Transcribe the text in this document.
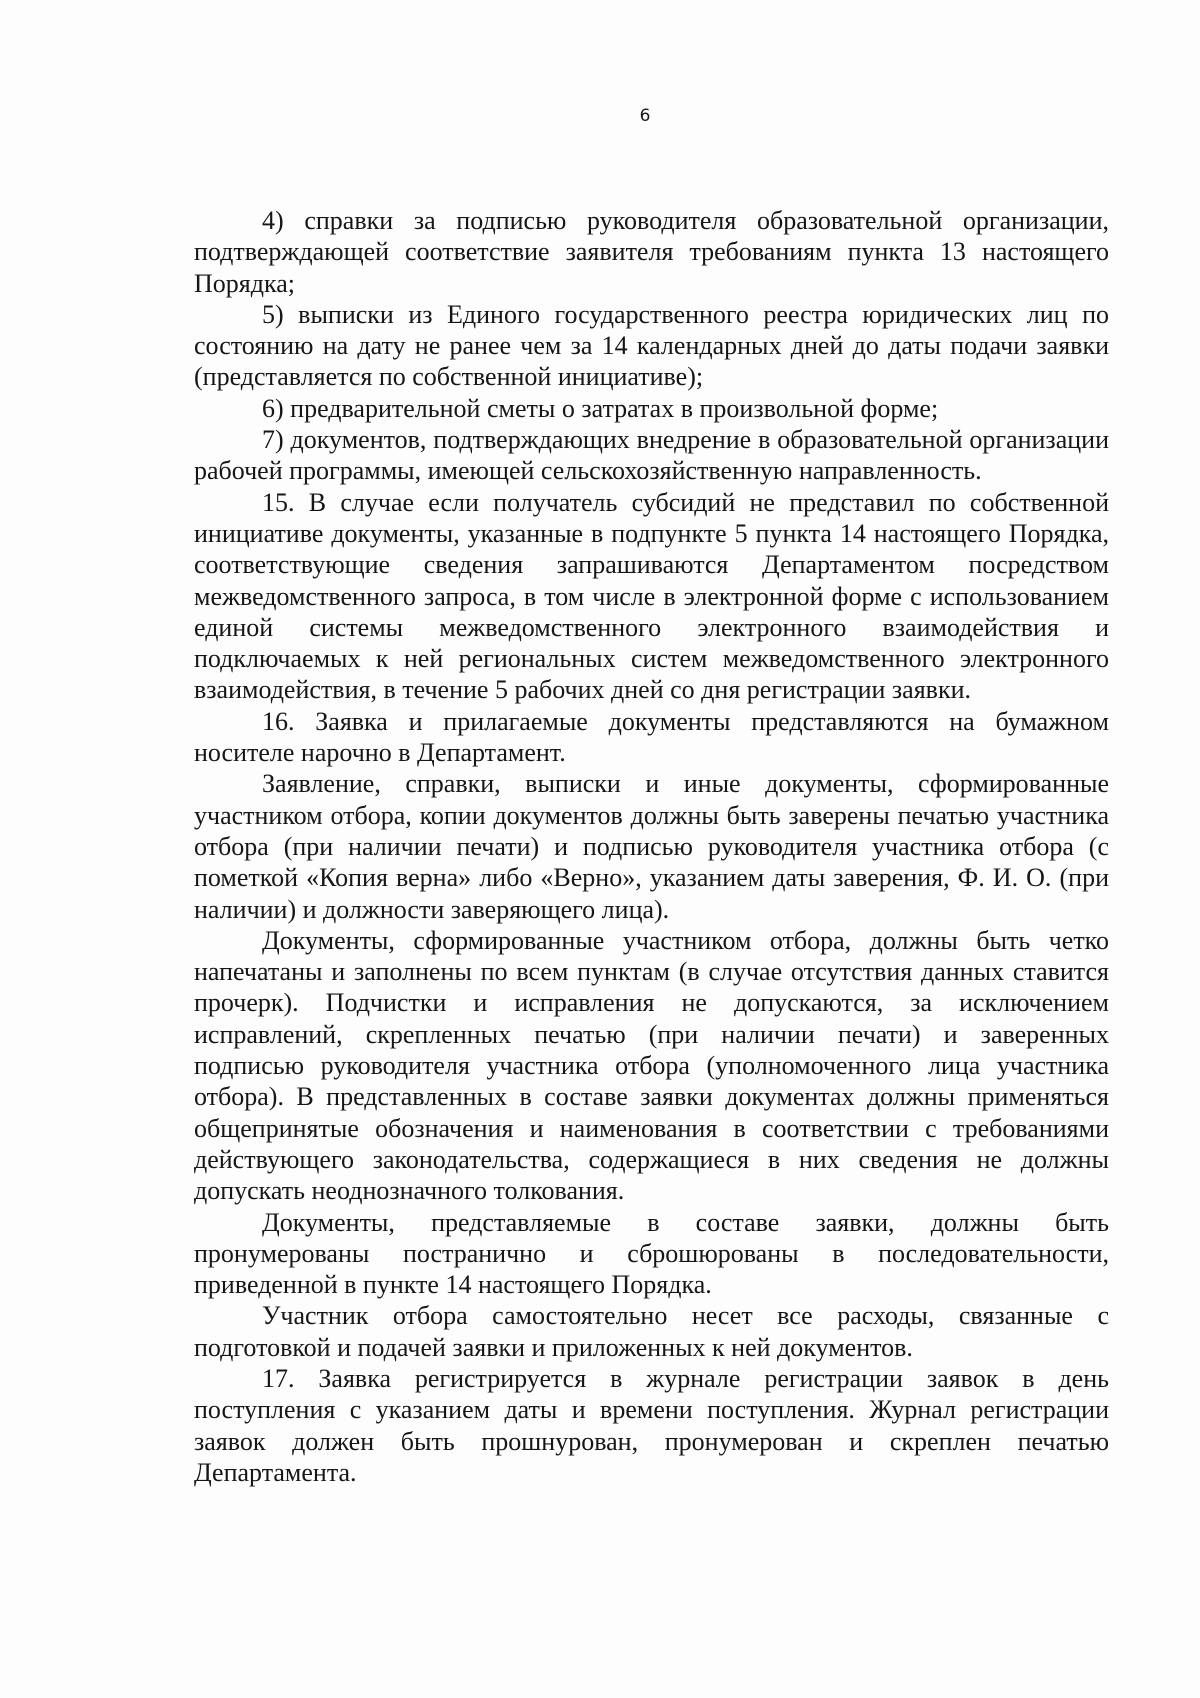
6

4) справки за подписью руководителя образовательной организации, подтверждающей соответствие заявителя требованиям пункта 13 настоящего Порядка;

5) выписки из Единого государственного реестра юридических лиц по состоянию на дату не ранее чем за 14 календарных дней до даты подачи заявки (представляется по собственной инициативе);

6) предварительной сметы о затратах в произвольной форме;

7) документов, подтверждающих внедрение в образовательной организации рабочей программы, имеющей сельскохозяйственную направленность.

15. В случае если получатель субсидий не представил по собственной инициативе документы, указанные в подпункте 5 пункта 14 настоящего Порядка, соответствующие сведения запрашиваются Департаментом посредством межведомственного запроса, в том числе в электронной форме с использованием единой системы межведомственного электронного взаимодействия и подключаемых к ней региональных систем межведомственного электронного взаимодействия, в течение 5 рабочих дней со дня регистрации заявки.

16. Заявка и прилагаемые документы представляются на бумажном носителе нарочно в Департамент.

Заявление, справки, выписки и иные документы, сформированные участником отбора, копии документов должны быть заверены печатью участника отбора (при наличии печати) и подписью руководителя участника отбора (с пометкой «Копия верна» либо «Верно», указанием даты заверения, Ф. И. О. (при наличии) и должности заверяющего лица).

Документы, сформированные участником отбора, должны быть четко напечатаны и заполнены по всем пунктам (в случае отсутствия данных ставится прочерк). Подчистки и исправления не допускаются, за исключением исправлений, скрепленных печатью (при наличии печати) и заверенных подписью руководителя участника отбора (уполномоченного лица участника отбора). В представленных в составе заявки документах должны применяться общепринятые обозначения и наименования в соответствии с требованиями действующего законодательства, содержащиеся в них сведения не должны допускать неоднозначного толкования.

Документы, представляемые в составе заявки, должны быть пронумерованы постранично и сброшюрованы в последовательности, приведенной в пункте 14 настоящего Порядка.

Участник отбора самостоятельно несет все расходы, связанные с подготовкой и подачей заявки и приложенных к ней документов.

17. Заявка регистрируется в журнале регистрации заявок в день поступления с указанием даты и времени поступления. Журнал регистрации заявок должен быть прошнурован, пронумерован и скреплен печатью Департамента.
